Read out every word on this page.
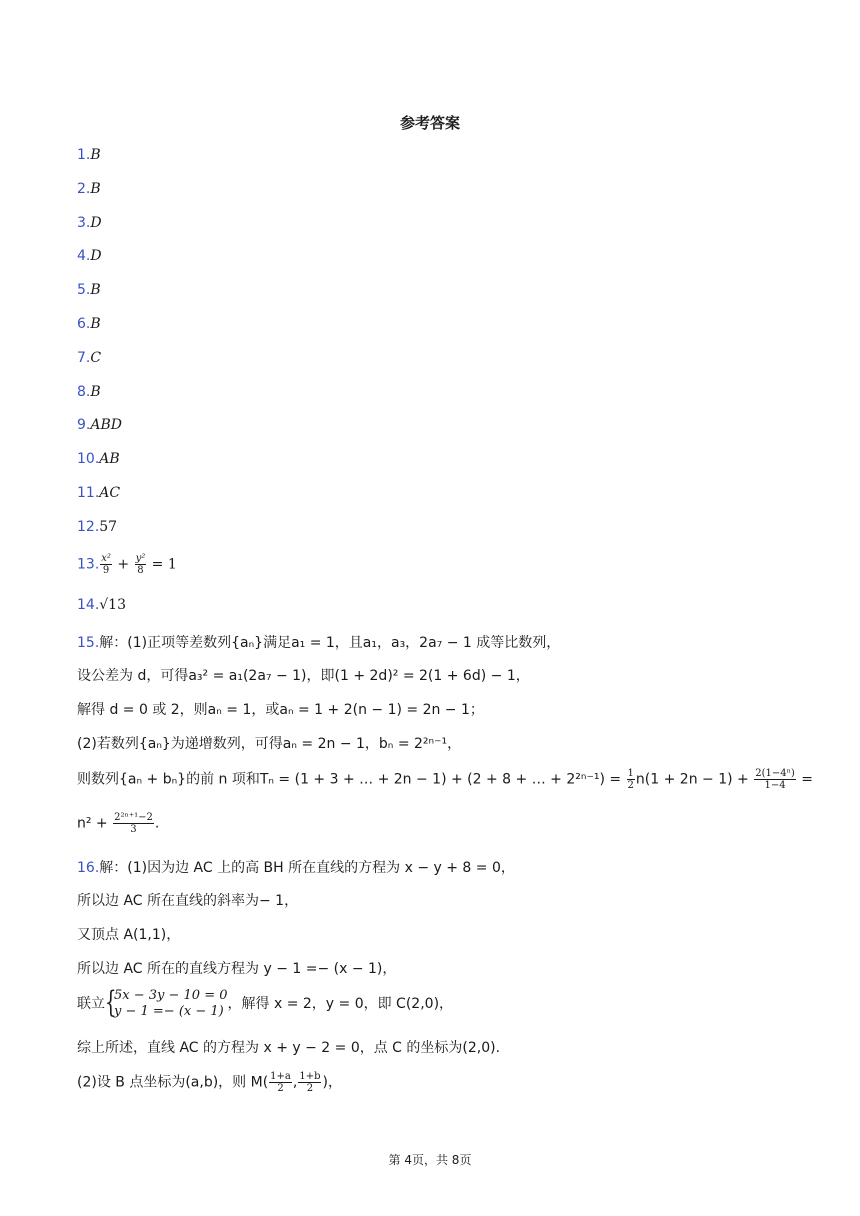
参考答案
1.B
2.B
3.D
4.D
5.B
6.B
7.C
8.B
9.ABD
10.AB
11.AC
12.57
13. $\frac{\text{x²}}{9} + \frac{\text{y²}}{8} = 1$
14.√13
15.解：(1)正项等差数列{aₙ}满足a₁ = 1，且a₁，a₃，2a₇ − 1 成等比数列，
设公差为 d，可得a₃² = a₁(2a₇ − 1)，即(1 + 2d)² = 2(1 + 6d) − 1，
解得 d = 0 或 2，则aₙ = 1，或aₙ = 1 + 2(n − 1) = 2n − 1；
(2)若数列{aₙ}为递增数列，可得aₙ = 2n − 1，bₙ = 2²ⁿ⁻¹，
则数列{aₙ + bₙ}的前 n 项和Tₙ = (1 + 3 + … + 2n − 1) + (2 + 8 + … + $2^{2n-1}) = \frac{1}{2} n(1 + 2n - 1) + \frac{\text{2(1−4ⁿ)}}{1-4}$ =
$n^2 + \frac{\text{2²ⁿ⁺¹−2}}{3}$ .
16.解：(1)因为边 AC 上的高 BH 所在直线的方程为 x − y + 8 = 0，
所以边 AC 所在直线的斜率为− 1，
又顶点 A(1,1)，
所以边 AC 所在的直线方程为 y − 1 =− (x − 1)，
联立 {
5x − 3y − 10 = 0
y − 1 =− (x − 1) ，解得 x = 2，y = 0，即 C(2,0)，
综上所述，直线 AC 的方程为 x + y − 2 = 0，点 C 的坐标为(2,0).
(2)设 B 点坐标为(a,b)，则 $M( \frac{1+a}{2}$ , $\frac{1+b}{2}$ )，
第 4页，共 8页
